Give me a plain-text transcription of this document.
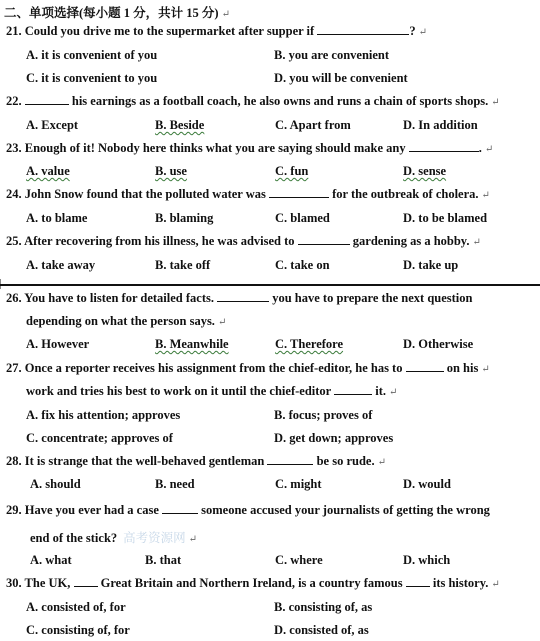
二、单项选择(每小题 1 分，共计 15 分) ↵
21. Could you drive me to the supermarket after supper if	? ↵
A. it is convenient of you	B. you are convenient
C. it is convenient to you	D. you will be convenient
22.	his earnings as a football coach, he also owns and runs a chain of sports shops. ↵
A. Except	B. Beside	C. Apart from	D. In addition
23. Enough of it! Nobody here thinks what you are saying should make any	. ↵
A. value	B. use	C. fun	D. sense
24. John Snow found that the polluted water was	for the outbreak of cholera. ↵
A. to blame	B. blaming	C. blamed	D. to be blamed
25. After recovering from his illness, he was advised to	gardening as a hobby. ↵
A. take away	B. take off	C. take on	D. take up
26. You have to listen for detailed facts.	you have to prepare the next question
depending on what the person says. ↵
A. However	B. Meanwhile	C. Therefore	D. Otherwise
27. Once a reporter receives his assignment from the chief-editor, he has to	on his ↵
work and tries his best to work on it until the chief-editor	it. ↵
A. fix his attention; approves	B. focus; proves of
C. concentrate; approves of	D. get down; approves
28. It is strange that the well-behaved gentleman	be so rude. ↵
A. should	B. need	C. might	D. would
29. Have you ever had a case	someone accused your journalists of getting the wrong
end of the stick? 高考资源网 ↵
A. what	B. that	C. where	D. which
30. The UK, Great Britain and Northern Ireland, is a country famous its history. ↵
A. consisted of, for	B. consisting of, as
C. consisting of, for	D. consisted of, as
